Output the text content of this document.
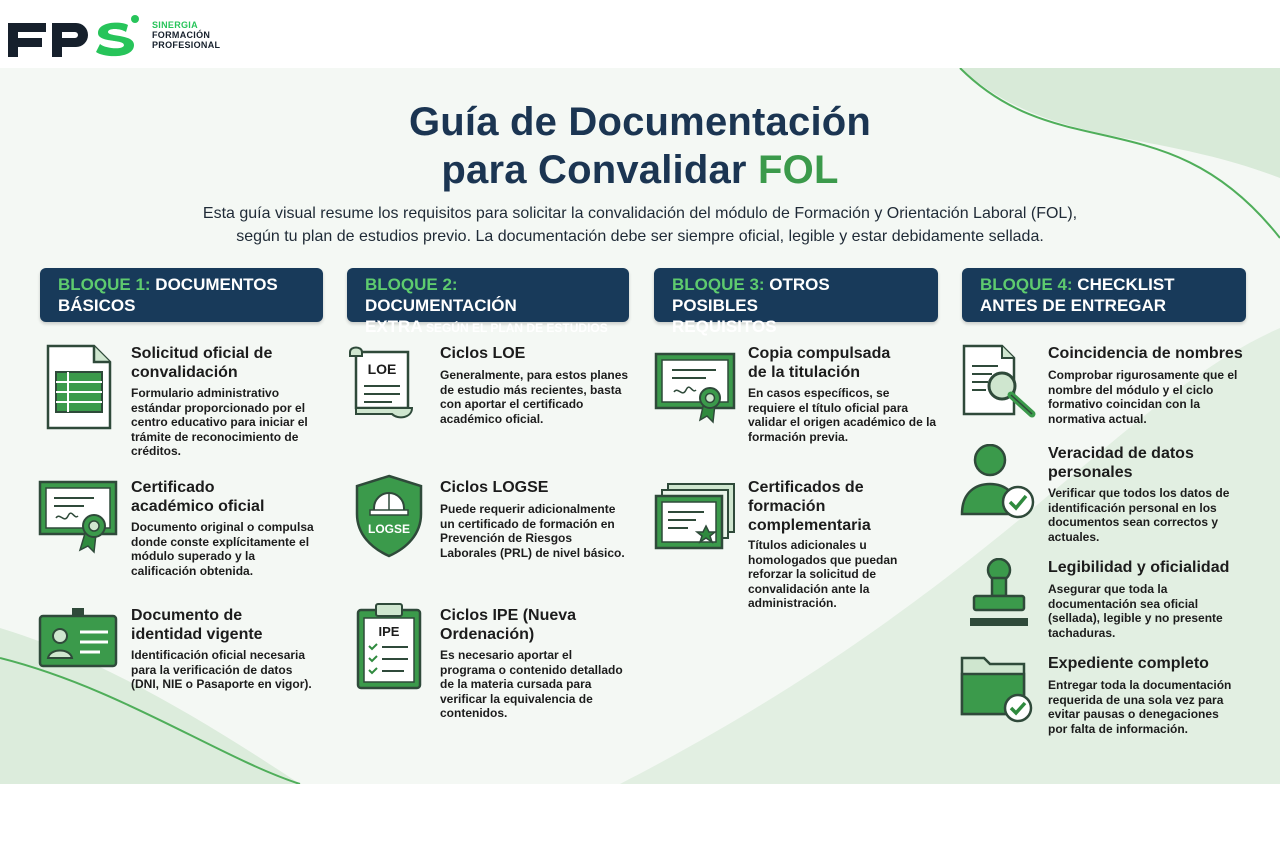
SINERGIA
FORMACIÓN
PROFESIONAL
Guía de Documentación
para Convalidar FOL
Esta guía visual resume los requisitos para solicitar la convalidación del módulo de Formación y Orientación Laboral (FOL),
según tu plan de estudios previo. La documentación debe ser siempre oficial, legible y estar debidamente sellada.
BLOQUE 1: DOCUMENTOS
BÁSICOS
BLOQUE 2: DOCUMENTACIÓN
EXTRA SEGÚN EL PLAN DE ESTUDIOS
BLOQUE 3: OTROS POSIBLES
REQUISITOS
BLOQUE 4: CHECKLIST
ANTES DE ENTREGAR
Solicitud oficial de
convalidación
Formulario administrativo estándar proporcionado por el centro educativo para iniciar el trámite de reconocimiento de créditos.
Certificado
académico oficial
Documento original o compulsa donde conste explícitamente el módulo superado y la calificación obtenida.
Documento de
identidad vigente
Identificación oficial necesaria para la verificación de datos (DNI, NIE o Pasaporte en vigor).
LOE
Ciclos LOE
Generalmente, para estos planes de estudio más recientes, basta con aportar el certificado académico oficial.
LOGSE
Ciclos LOGSE
Puede requerir adicionalmente un certificado de formación en Prevención de Riesgos Laborales (PRL) de nivel básico.
IPE
Ciclos IPE (Nueva
Ordenación)
Es necesario aportar el programa o contenido detallado de la materia cursada para verificar la equivalencia de contenidos.
Copia compulsada
de la titulación
En casos específicos, se requiere el título oficial para validar el origen académico de la formación previa.
Certificados de
formación
complementaria
Títulos adicionales u homologados que puedan reforzar la solicitud de convalidación ante la administración.
Coincidencia de nombres
Comprobar rigurosamente que el nombre del módulo y el ciclo formativo coincidan con la normativa actual.
Veracidad de datos
personales
Verificar que todos los datos de identificación personal en los documentos sean correctos y actuales.
Legibilidad y oficialidad
Asegurar que toda la documentación sea oficial (sellada), legible y no presente tachaduras.
Expediente completo
Entregar toda la documentación requerida de una sola vez para evitar pausas o denegaciones por falta de información.
